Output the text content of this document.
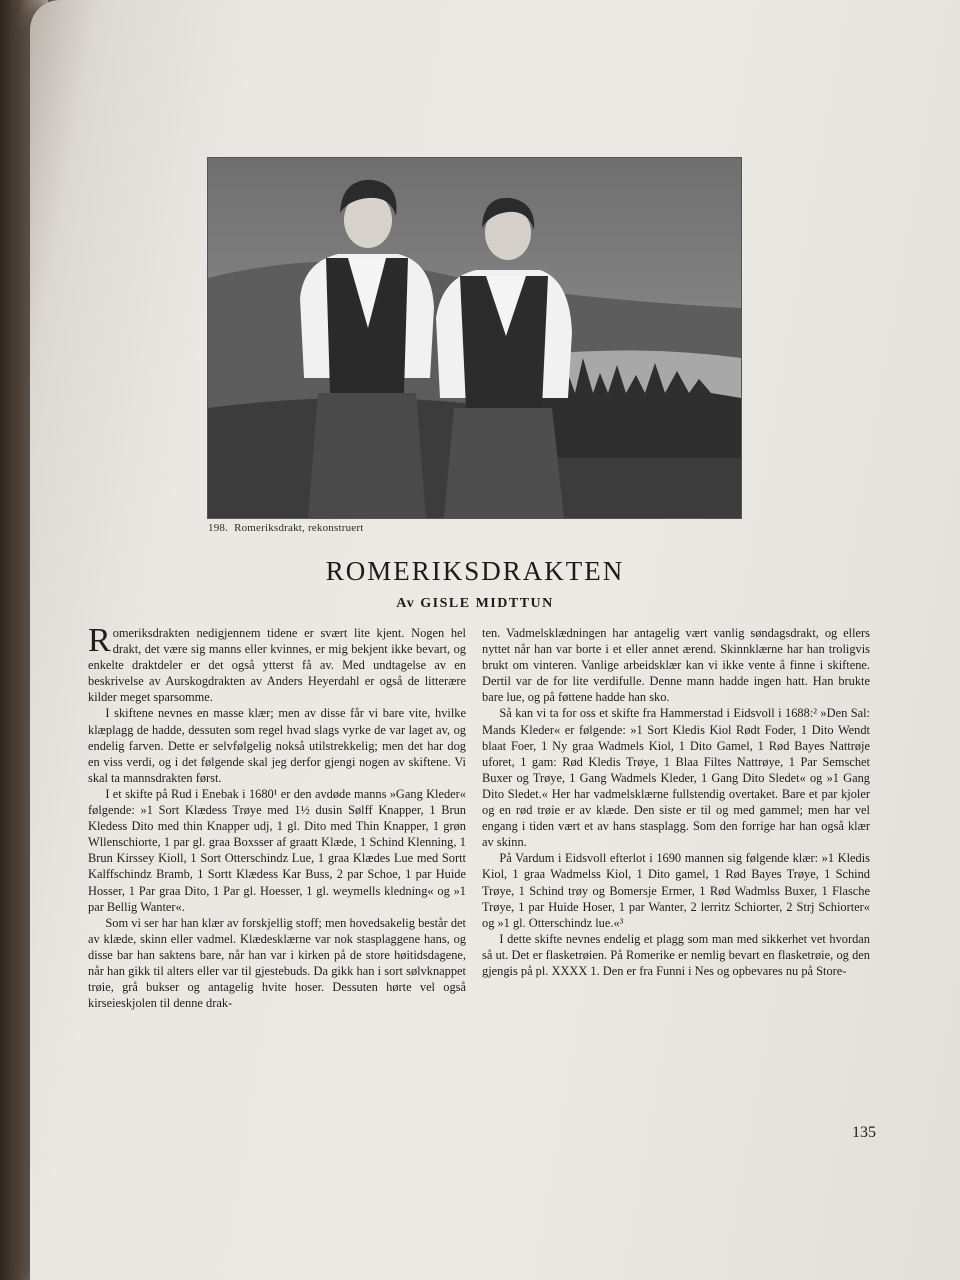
198. Romeriksdrakt, rekonstruert
ROMERIKSDRAKTEN
Av GISLE MIDTTUN

Romeriksdrakten nedigjennem tidene er svært lite kjent. Nogen hel drakt, det være sig manns eller kvinnes, er mig bekjent ikke bevart, og enkelte draktdeler er det også ytterst få av. Med undtagelse av en beskrivelse av Aurskogdrakten av Anders Heyerdahl er også de litterære kilder meget sparsomme.

I skiftene nevnes en masse klær; men av disse får vi bare vite, hvilke klæplagg de hadde, dessuten som regel hvad slags vyrke de var laget av, og endelig farven. Dette er selvfølgelig nokså utilstrekkelig; men det har dog en viss verdi, og i det følgende skal jeg derfor gjengi nogen av skiftene. Vi skal ta mannsdrakten først.

I et skifte på Rud i Enebak i 1680¹ er den avdøde manns »Gang Kleder« følgende: »1 Sort Klædess Trøye med 1½ dusin Sølff Knapper, 1 Brun Kledess Dito med thin Knapper udj, 1 gl. Dito med Thin Knapper, 1 grøn Wllenschiorte, 1 par gl. graa Boxsser af graatt Klæde, 1 Schind Klenning, 1 Brun Kirssey Kioll, 1 Sort Otterschindz Lue, 1 graa Klædes Lue med Sortt Kalffschindz Bramb, 1 Sortt Klædess Kar Buss, 2 par Schoe, 1 par Huide Hosser, 1 Par graa Dito, 1 Par gl. Hoesser, 1 gl. weymells kledning« og »1 par Bellig Wanter«.

Som vi ser har han klær av forskjellig stoff; men hovedsakelig består det av klæde, skinn eller vadmel. Klædesklærne var nok stasplaggene hans, og disse bar han saktens bare, når han var i kirken på de store høitidsdagene, når han gikk til alters eller var til gjestebuds. Da gikk han i sort sølvknappet trøie, grå bukser og antagelig hvite hoser. Dessuten hørte vel også kirseieskjolen til denne drak-

ten. Vadmelsklædningen har antagelig vært vanlig søndagsdrakt, og ellers nyttet når han var borte i et eller annet ærend. Skinnklærne har han troligvis brukt om vinteren. Vanlige arbeidsklær kan vi ikke vente å finne i skiftene. Dertil var de for lite verdifulle. Denne mann hadde ingen hatt. Han brukte bare lue, og på føttene hadde han sko.

Så kan vi ta for oss et skifte fra Hammerstad i Eidsvoll i 1688:² »Den Sal: Mands Kleder« er følgende: »1 Sort Kledis Kiol Rødt Foder, 1 Dito Wendt blaat Foer, 1 Ny graa Wadmels Kiol, 1 Dito Gamel, 1 Rød Bayes Nattrøje uforet, 1 gam: Rød Kledis Trøye, 1 Blaa Filtes Nattrøye, 1 Par Semschet Buxer og Trøye, 1 Gang Wadmels Kleder, 1 Gang Dito Sledet« og »1 Gang Dito Sledet.« Her har vadmelsklærne fullstendig overtaket. Bare et par kjoler og en rød trøie er av klæde. Den siste er til og med gammel; men har vel engang i tiden vært et av hans stasplagg. Som den forrige har han også klær av skinn.

På Vardum i Eidsvoll efterlot i 1690 mannen sig følgende klær: »1 Kledis Kiol, 1 graa Wadmelss Kiol, 1 Dito gamel, 1 Rød Bayes Trøye, 1 Schind Trøye, 1 Schind trøy og Bomersje Ermer, 1 Rød Wadmlss Buxer, 1 Flasche Trøye, 1 par Huide Hoser, 1 par Wanter, 2 lerritz Schiorter, 2 Strj Schiorter« og »1 gl. Otterschindz lue.«³

I dette skifte nevnes endelig et plagg som man med sikkerhet vet hvordan så ut. Det er flasketrøien. På Romerike er nemlig bevart en flasketrøie, og den gjengis på pl. XXXX 1. Den er fra Funni i Nes og opbevares nu på Store-

135
